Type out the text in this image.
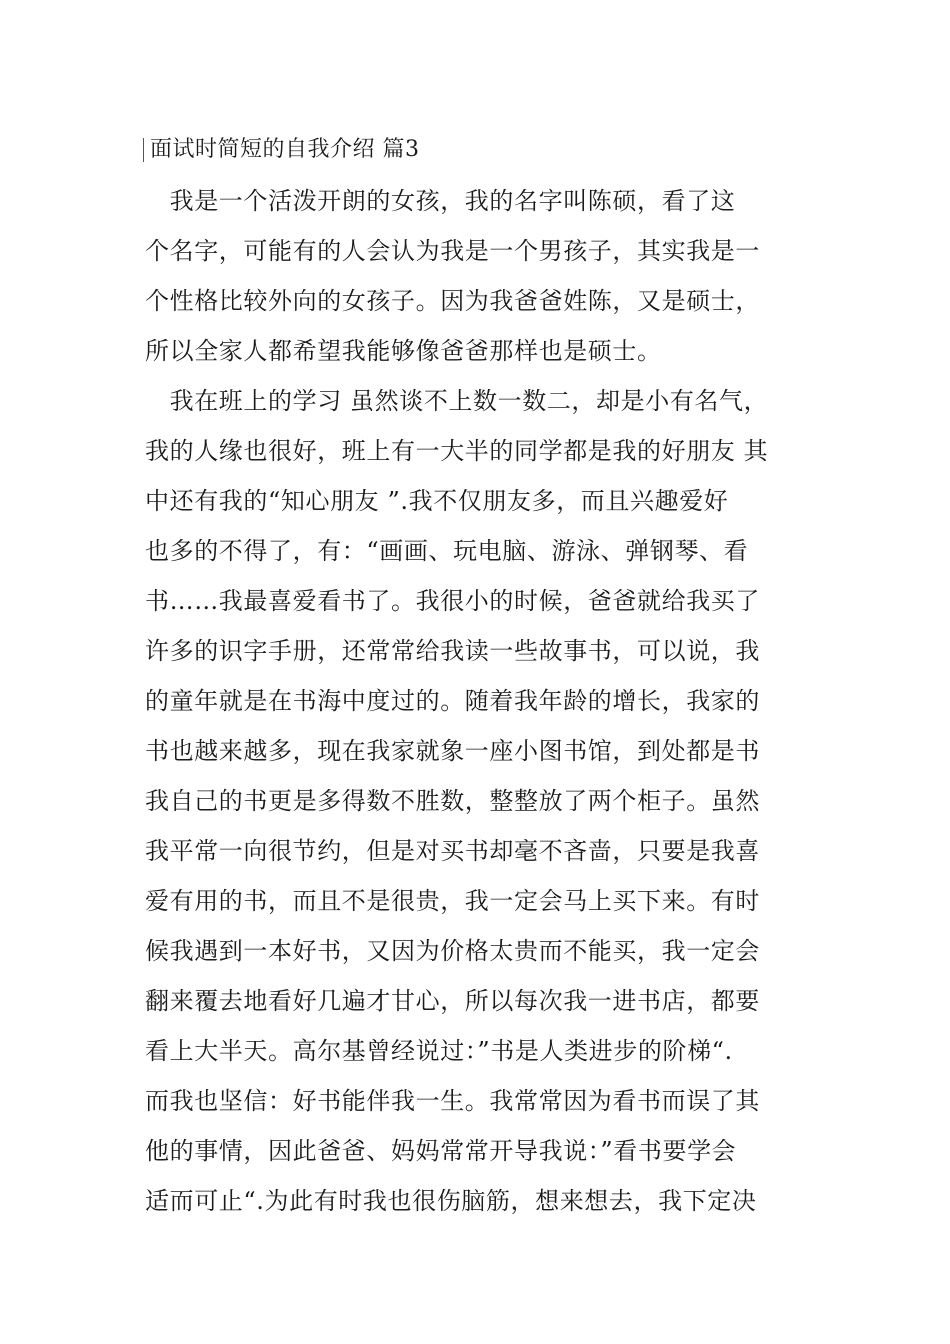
面试时简短的自我介绍 篇3
　我是一个活泼开朗的女孩，我的名字叫陈硕，看了这
个名字，可能有的人会认为我是一个男孩子，其实我是一
个性格比较外向的女孩子。因为我爸爸姓陈，又是硕士，
所以全家人都希望我能够像爸爸那样也是硕士。
　我在班上的学习 虽然谈不上数一数二，却是小有名气，
我的人缘也很好，班上有一大半的同学都是我的好朋友 其
中还有我的“知心朋友 ”.我不仅朋友多，而且兴趣爱好
也多的不得了，有：“画画、玩电脑、游泳、弹钢琴、看
书……我最喜爱看书了。我很小的时候，爸爸就给我买了
许多的识字手册，还常常给我读一些故事书，可以说，我
的童年就是在书海中度过的。随着我年龄的增长，我家的
书也越来越多，现在我家就象一座小图书馆，到处都是书
我自己的书更是多得数不胜数，整整放了两个柜子。虽然
我平常一向很节约，但是对买书却毫不吝啬，只要是我喜
爱有用的书，而且不是很贵，我一定会马上买下来。有时
候我遇到一本好书，又因为价格太贵而不能买，我一定会
翻来覆去地看好几遍才甘心，所以每次我一进书店，都要
看上大半天。高尔基曾经说过：”书是人类进步的阶梯“.
而我也坚信：好书能伴我一生。我常常因为看书而误了其
他的事情，因此爸爸、妈妈常常开导我说：”看书要学会
适而可止“.为此有时我也很伤脑筋，想来想去，我下定决
